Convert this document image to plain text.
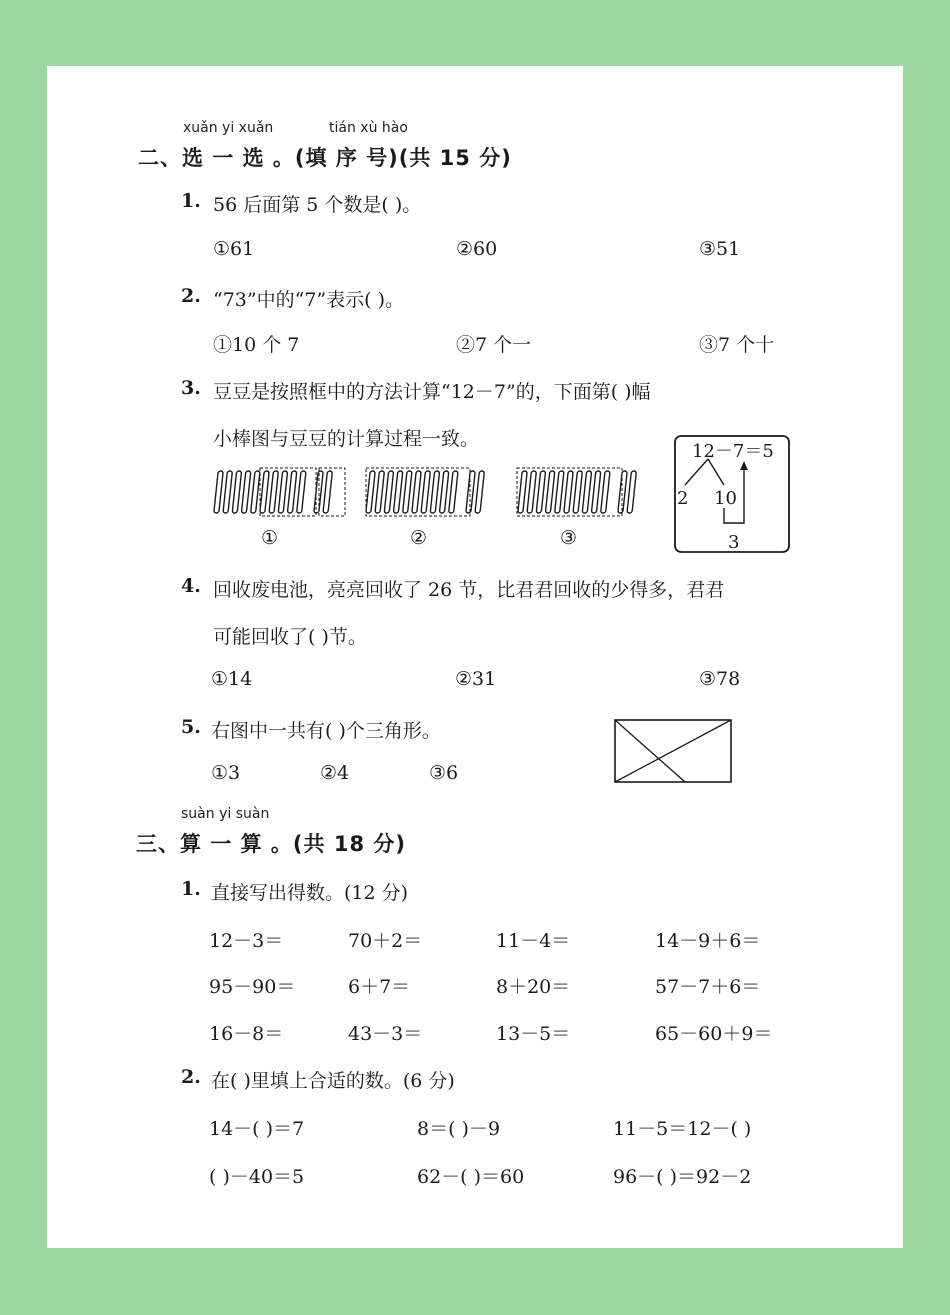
xuǎn yi xuǎn	tián xù hào
二、选 一 选 。(填 序 号)(共 15 分)
1. 56 后面第 5 个数是( )。
①61	②60	③51
2. “73”中的“7”表示( )。
①10 个 7	②7 个一	③7 个十
3. 豆豆是按照框中的方法计算“12－7”的，下面第( )幅
小棒图与豆豆的计算过程一致。
①	②	③
12－7＝5
2 10
3
4. 回收废电池，亮亮回收了 26 节，比君君回收的少得多，君君
可能回收了( )节。
①14	②31	③78
5. 右图中一共有( )个三角形。
①3	②4	③6
suàn yi suàn
三、算 一 算 。(共 18 分)
1. 直接写出得数。(12 分)
12－3＝	70＋2＝	11－4＝	14－9＋6＝
95－90＝	6＋7＝	8＋20＝	57－7＋6＝
16－8＝	43－3＝	13－5＝	65－60＋9＝
2. 在( )里填上合适的数。(6 分)
14－( )＝7	8＝( )－9	11－5＝12－( )
( )－40＝5	62－( )＝60	96－( )＝92－2
